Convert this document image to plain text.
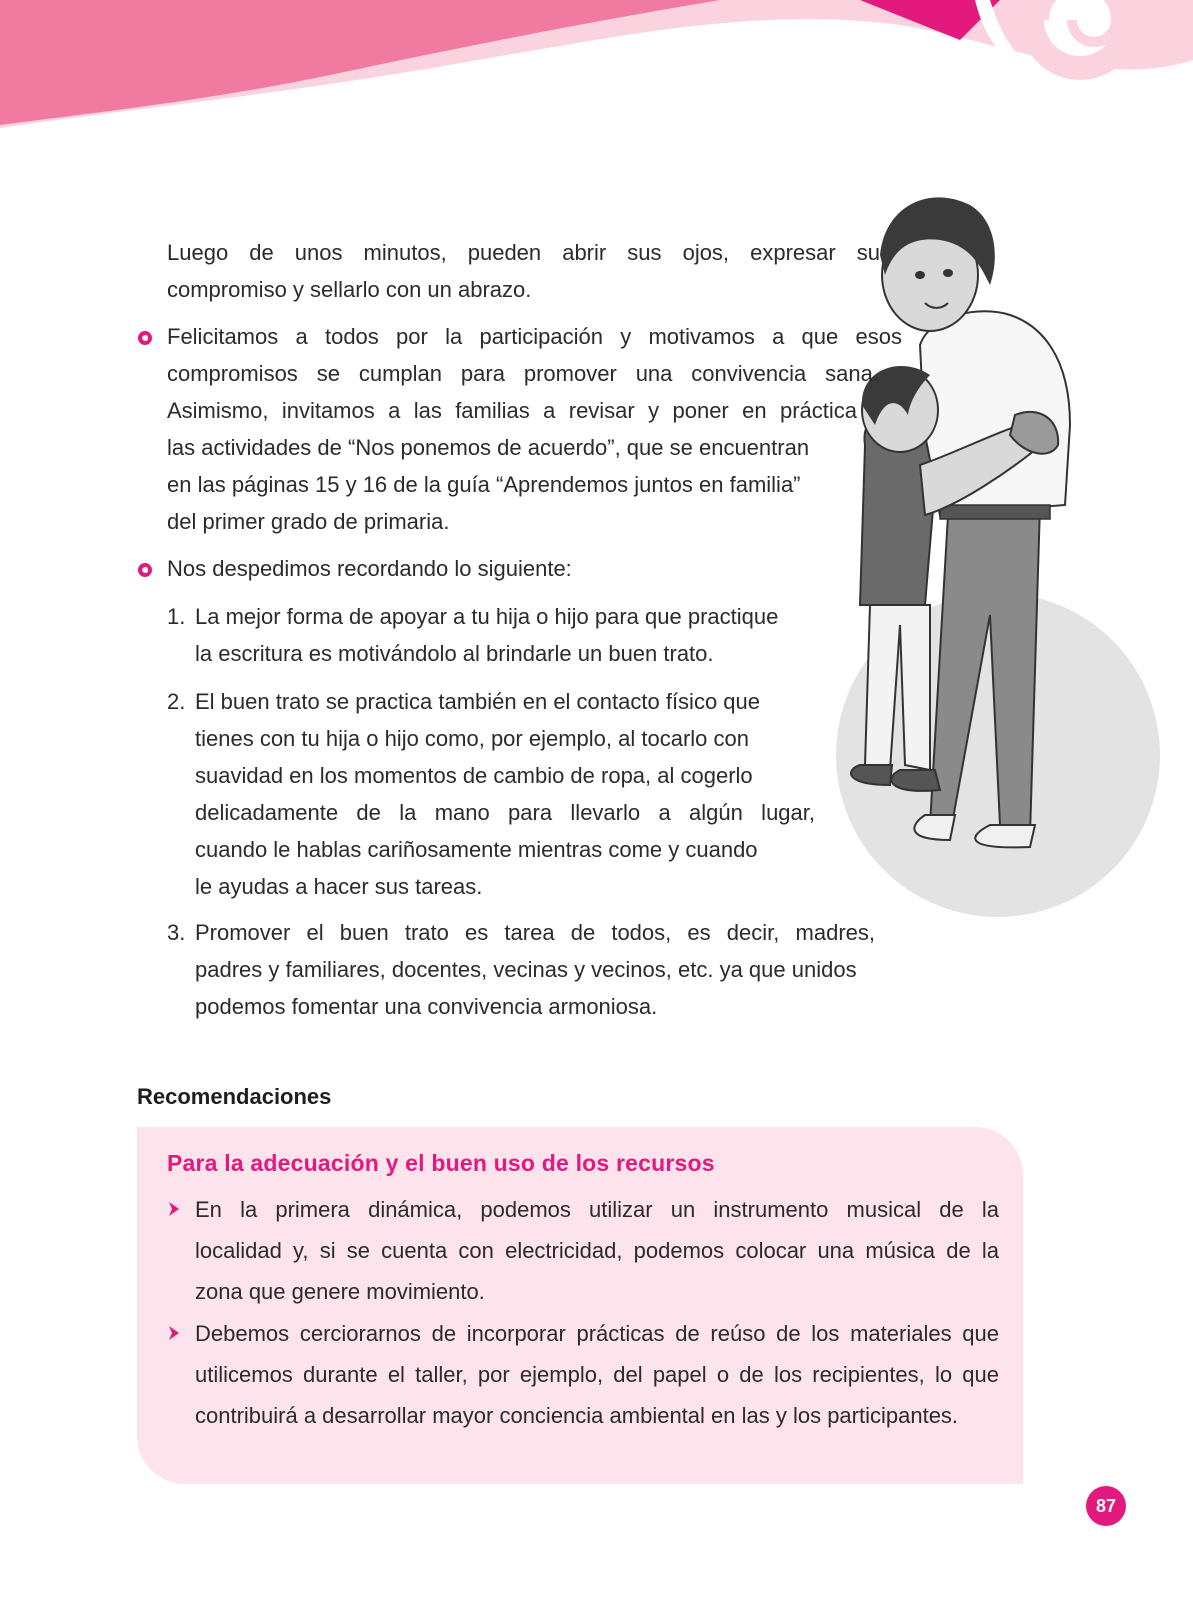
Luego de unos minutos, pueden abrir sus ojos, expresar su
compromiso y sellarlo con un abrazo.
Felicitamos a todos por la participación y motivamos a que esos
compromisos se cumplan para promover una convivencia sana.
Asimismo, invitamos a las familias a revisar y poner en práctica
las actividades de “Nos ponemos de acuerdo”, que se encuentran
en las páginas 15 y 16 de la guía “Aprendemos juntos en familia”
del primer grado de primaria.
Nos despedimos recordando lo siguiente:
1. La mejor forma de apoyar a tu hija o hijo para que practique
la escritura es motivándolo al brindarle un buen trato.
2. El buen trato se practica también en el contacto físico que
tienes con tu hija o hijo como, por ejemplo, al tocarlo con
suavidad en los momentos de cambio de ropa, al cogerlo
delicadamente de la mano para llevarlo a algún lugar,
cuando le hablas cariñosamente mientras come y cuando
le ayudas a hacer sus tareas.
3. Promover el buen trato es tarea de todos, es decir, madres,
padres y familiares, docentes, vecinas y vecinos, etc. ya que unidos
podemos fomentar una convivencia armoniosa.
Recomendaciones
Para la adecuación y el buen uso de los recursos
En la primera dinámica, podemos utilizar un instrumento musical de la
localidad y, si se cuenta con electricidad, podemos colocar una música de la
zona que genere movimiento.
Debemos cerciorarnos de incorporar prácticas de reúso de los materiales que
utilicemos durante el taller, por ejemplo, del papel o de los recipientes, lo que
contribuirá a desarrollar mayor conciencia ambiental en las y los participantes.
87
